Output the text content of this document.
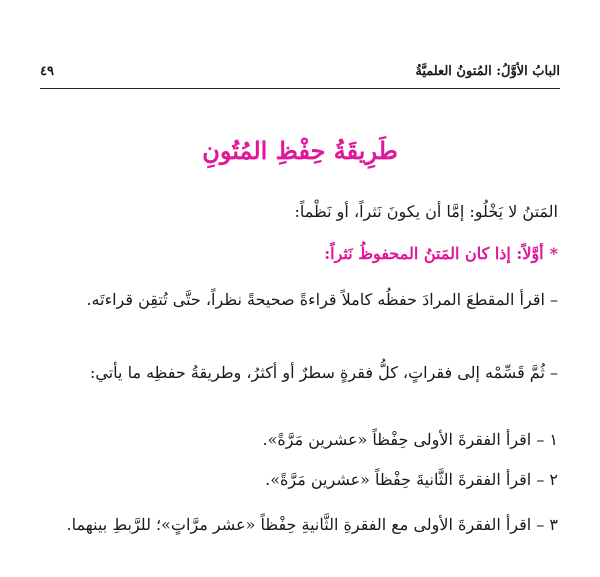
البابُ الأوَّلُ: المُتونُ العلميَّةُ
٤٩
طَرِيقَةُ حِفْظِ المُتُونِ
المَتنُ لا يَخْلُو: إمَّا أن يكونَ نَثراً، أو نَظْماً:
*أوَّلاً: إذا كان المَتنُ المحفوظُ نَثراً:
– اقرأ المقطعَ المرادَ حفظُه كاملاً قراءةً صحيحةً نظراً، حتَّى تُتقِن قراءتَه.
– ثُمَّ قَسِّمْه إلى فقراتٍ، كلُّ فقرةٍ سطرٌ أو أكثرُ، وطريقةُ حفظِه ما يأتي:
١ – اقرأ الفقرةَ الأولى حِفْظاً «عشرين مَرَّةً».
٢ – اقرأ الفقرةَ الثَّانيةَ حِفْظاً «عشرين مَرَّةً».
٣ – اقرأ الفقرةَ الأولى مع الفقرةِ الثَّانيةِ حِفْظاً «عشر مرَّاتٍ»؛ للرَّبطِ بينهما.
